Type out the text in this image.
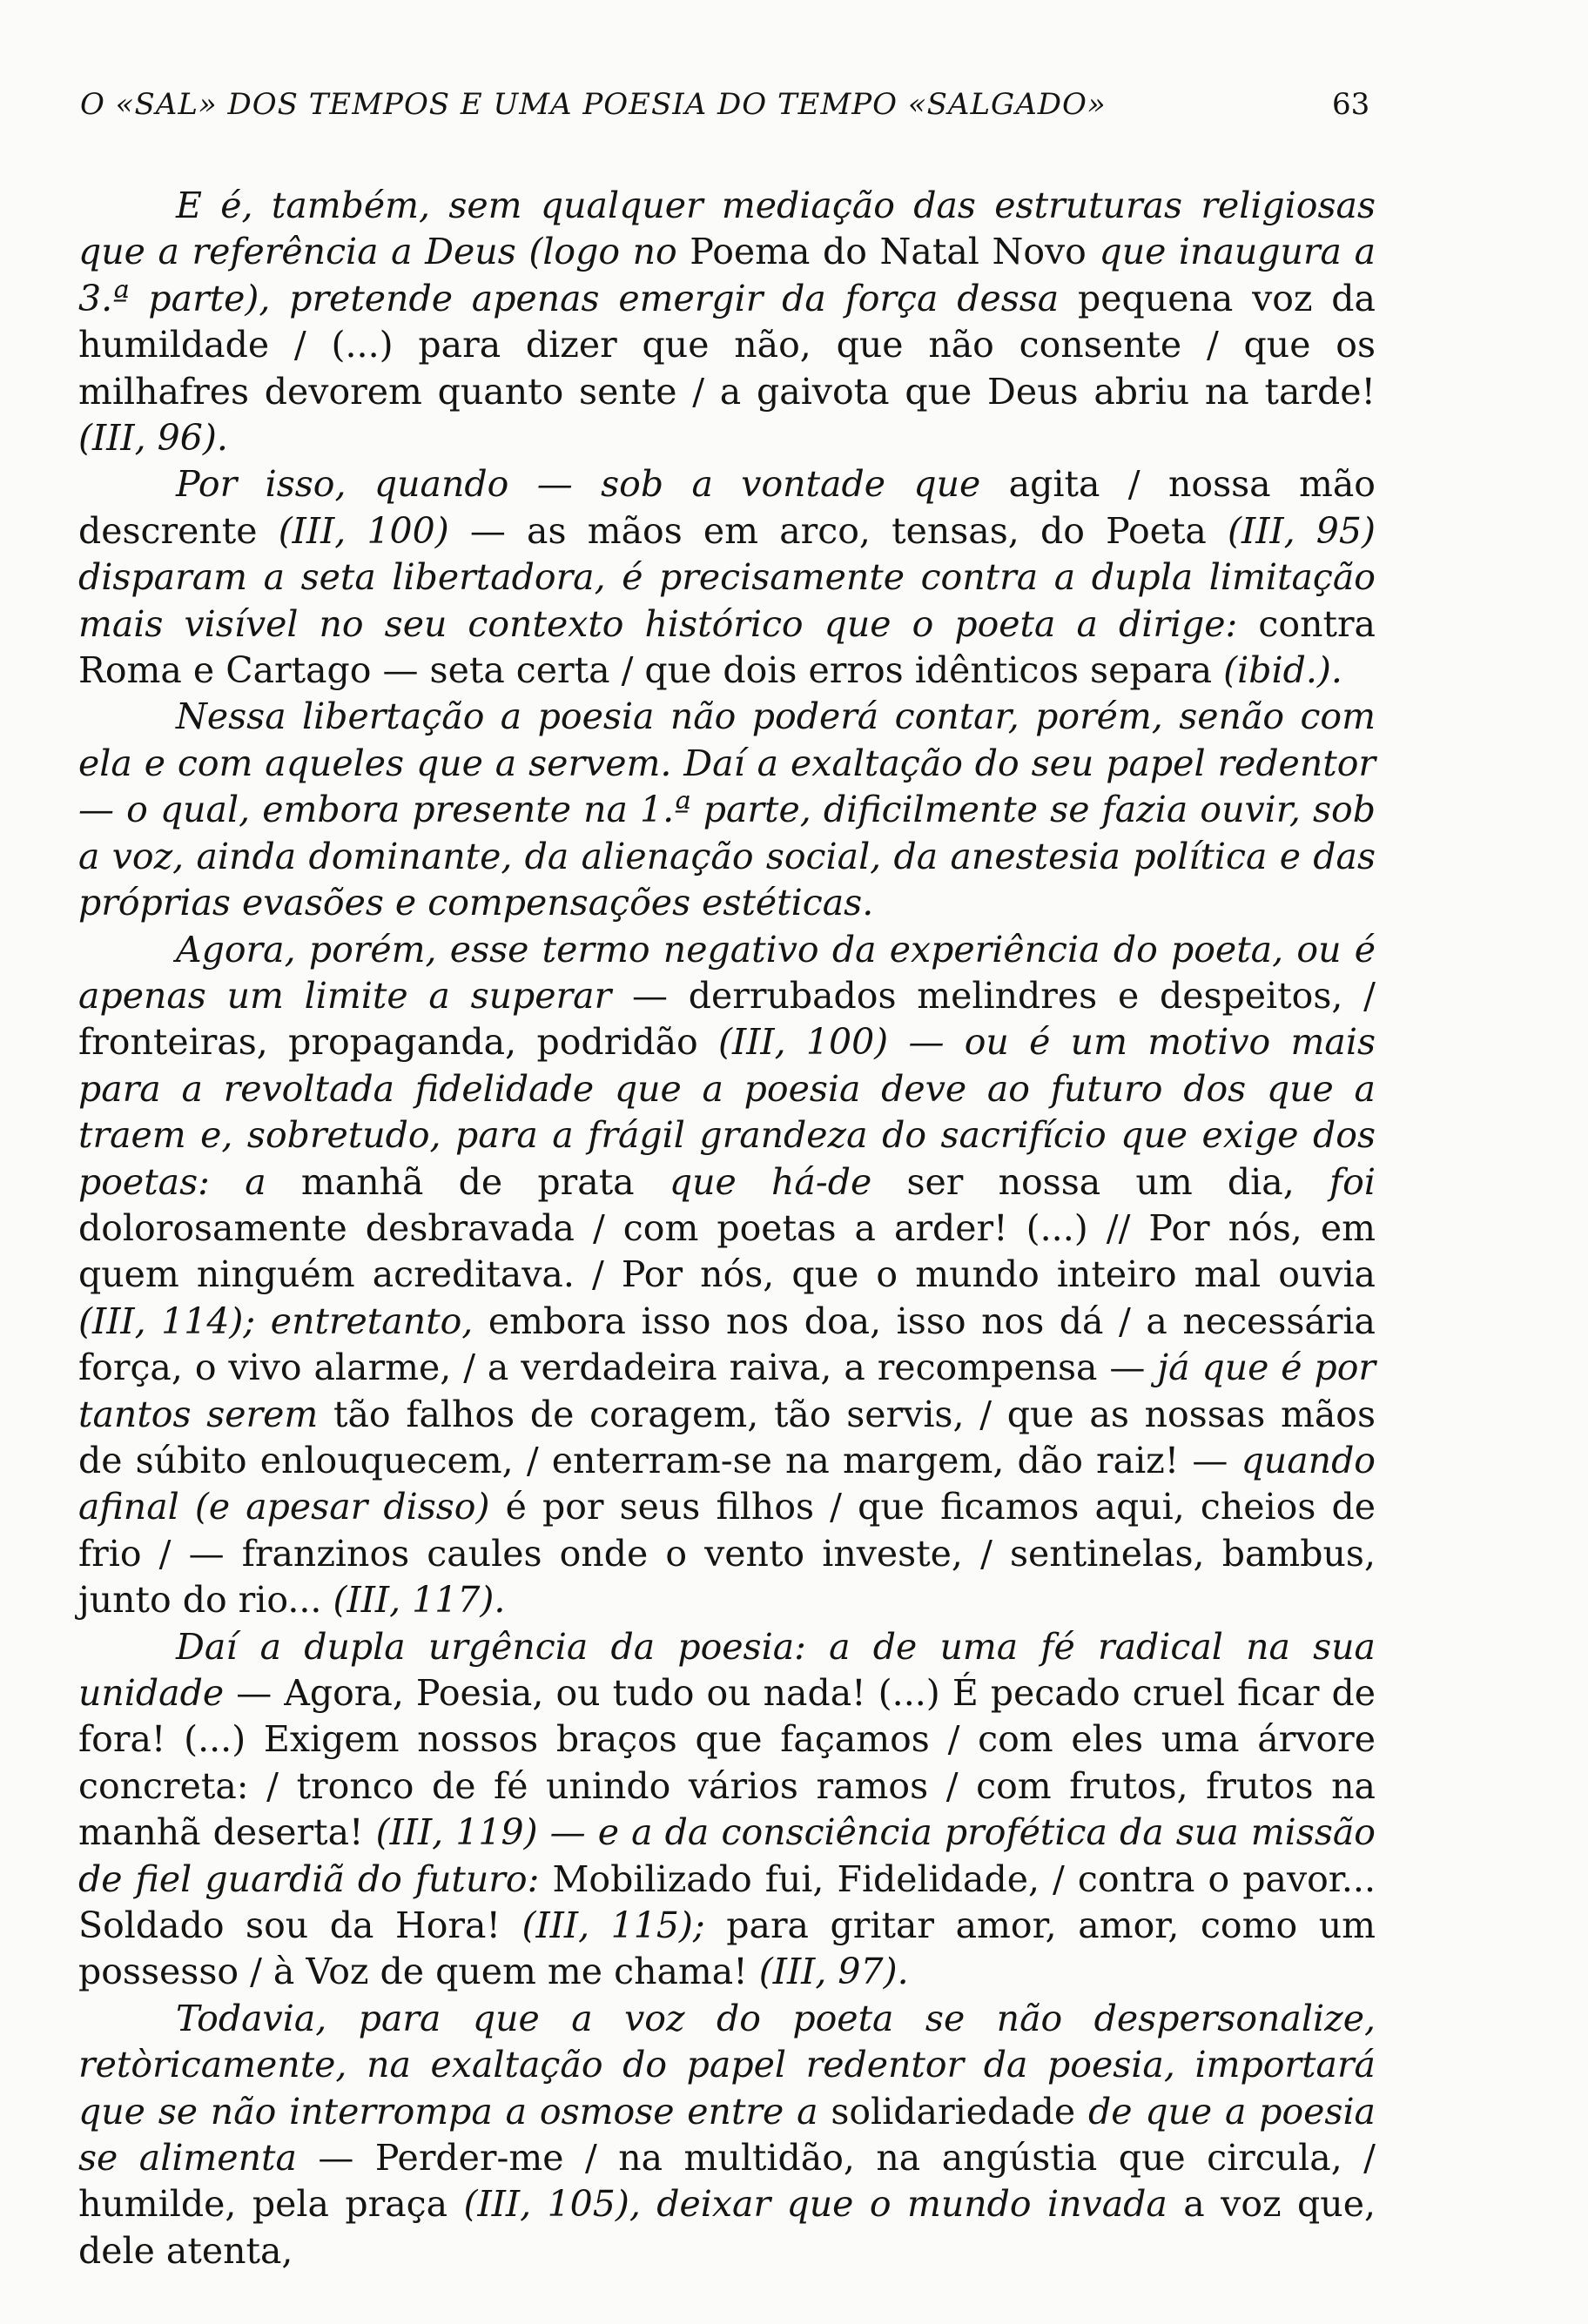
O «SAL» DOS TEMPOS E UMA POESIA DO TEMPO «SALGADO»	63

E é, também, sem qualquer mediação das estruturas religiosas que a referência a Deus (logo no Poema do Natal Novo que inaugura a 3.ª parte), pretende apenas emergir da força dessa pequena voz da humildade / (...) para dizer que não, que não consente / que os milhafres devorem quanto sente / a gaivota que Deus abriu na tarde! (III, 96).

Por isso, quando — sob a vontade que agita / nossa mão descrente (III, 100) — as mãos em arco, tensas, do Poeta (III, 95) disparam a seta libertadora, é precisamente contra a dupla limitação mais visível no seu contexto histórico que o poeta a dirige: contra Roma e Cartago — seta certa / que dois erros idênticos separa (ibid.).

Nessa libertação a poesia não poderá contar, porém, senão com ela e com aqueles que a servem. Daí a exaltação do seu papel redentor — o qual, embora presente na 1.ª parte, dificilmente se fazia ouvir, sob a voz, ainda dominante, da alienação social, da anestesia política e das próprias evasões e compensações estéticas.

Agora, porém, esse termo negativo da experiência do poeta, ou é apenas um limite a superar — derrubados melindres e despeitos, / fronteiras, propaganda, podridão (III, 100) — ou é um motivo mais para a revoltada fidelidade que a poesia deve ao futuro dos que a traem e, sobretudo, para a frágil grandeza do sacrifício que exige dos poetas: a manhã de prata que há-de ser nossa um dia, foi dolorosamente desbravada / com poetas a arder! (...) // Por nós, em quem ninguém acreditava. / Por nós, que o mundo inteiro mal ouvia (III, 114); entretanto, embora isso nos doa, isso nos dá / a necessária força, o vivo alarme, / a verdadeira raiva, a recompensa — já que é por tantos serem tão falhos de coragem, tão servis, / que as nossas mãos de súbito enlouquecem, / enterram-se na margem, dão raiz! — quando afinal (e apesar disso) é por seus filhos / que ficamos aqui, cheios de frio / — franzinos caules onde o vento investe, / sentinelas, bambus, junto do rio... (III, 117).

Daí a dupla urgência da poesia: a de uma fé radical na sua unidade — Agora, Poesia, ou tudo ou nada! (...) É pecado cruel ficar de fora! (...) Exigem nossos braços que façamos / com eles uma árvore concreta: / tronco de fé unindo vários ramos / com frutos, frutos na manhã deserta! (III, 119) — e a da consciência profética da sua missão de fiel guardiã do futuro: Mobilizado fui, Fidelidade, / contra o pavor... Soldado sou da Hora! (III, 115); para gritar amor, amor, como um possesso / à Voz de quem me chama! (III, 97).

Todavia, para que a voz do poeta se não despersonalize, retòricamente, na exaltação do papel redentor da poesia, importará que se não interrompa a osmose entre a solidariedade de que a poesia se alimenta — Perder-me / na multidão, na angústia que circula, / humilde, pela praça (III, 105), deixar que o mundo invada a voz que, dele atenta,
